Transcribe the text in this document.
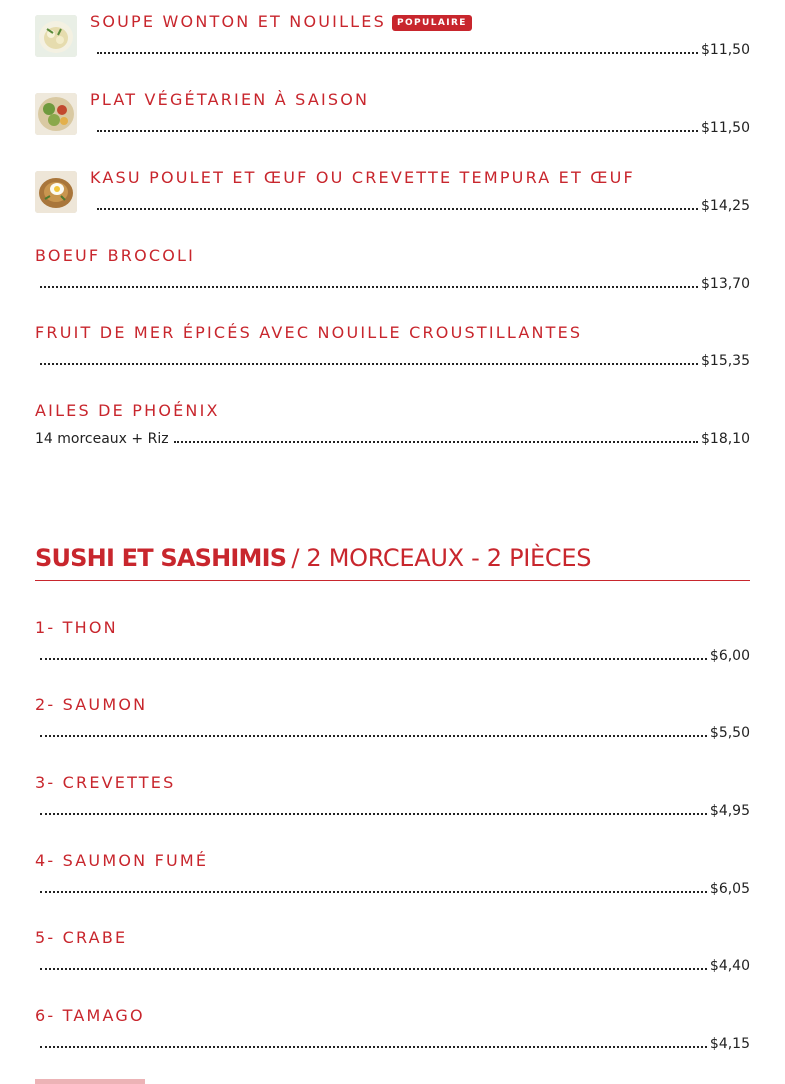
SOUPE WONTON ET NOUILLES POPULAIRE
$11,50
PLAT VÉGÉTARIEN À SAISON
$11,50
KASU POULET ET ŒUF OU CREVETTE TEMPURA ET ŒUF
$14,25
BOEUF BROCOLI
$13,70
FRUIT DE MER ÉPICÉS AVEC NOUILLE CROUSTILLANTES
$15,35
AILES DE PHOÉNIX
14 morceaux + Riz	$18,10
SUSHI ET SASHIMIS / 2 MORCEAUX - 2 PIÈCES
1- THON
$6,00
2- SAUMON
$5,50
3- CREVETTES
$4,95
4- SAUMON FUMÉ
$6,05
5- CRABE
$4,40
6- TAMAGO
$4,15
